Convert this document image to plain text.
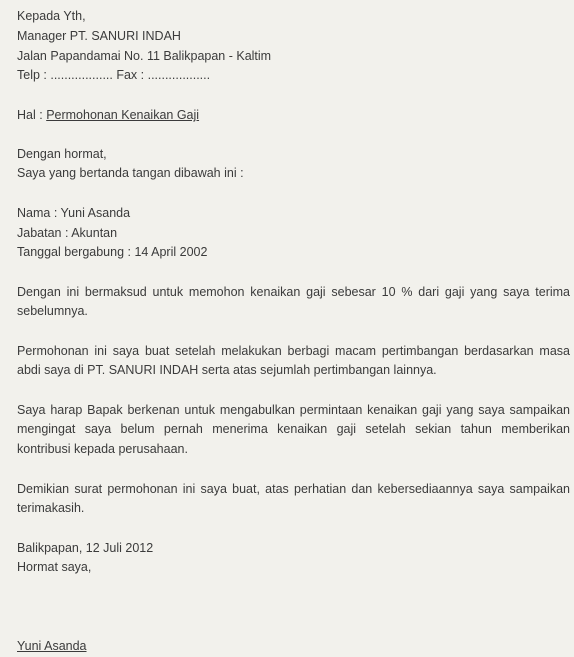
Kepada Yth,
Manager PT. SANURI INDAH
Jalan Papandamai No. 11 Balikpapan - Kaltim
Telp : .................. Fax : ..................
Hal : Permohonan Kenaikan Gaji
Dengan hormat,
Saya yang bertanda tangan dibawah ini :
Nama : Yuni Asanda
Jabatan : Akuntan
Tanggal bergabung : 14 April 2002
Dengan ini bermaksud untuk memohon kenaikan gaji sebesar 10 % dari gaji yang saya terima
sebelumnya.
Permohonan ini saya buat setelah melakukan berbagi macam pertimbangan berdasarkan masa
abdi saya di PT. SANURI INDAH serta atas sejumlah pertimbangan lainnya.
Saya harap Bapak berkenan untuk mengabulkan permintaan kenaikan gaji yang saya sampaikan
mengingat saya belum pernah menerima kenaikan gaji setelah sekian tahun memberikan
kontribusi kepada perusahaan.
Demikian surat permohonan ini saya buat, atas perhatian dan kebersediaannya saya sampaikan
terimakasih.
Balikpapan, 12 Juli 2012
Hormat saya,
Yuni Asanda
